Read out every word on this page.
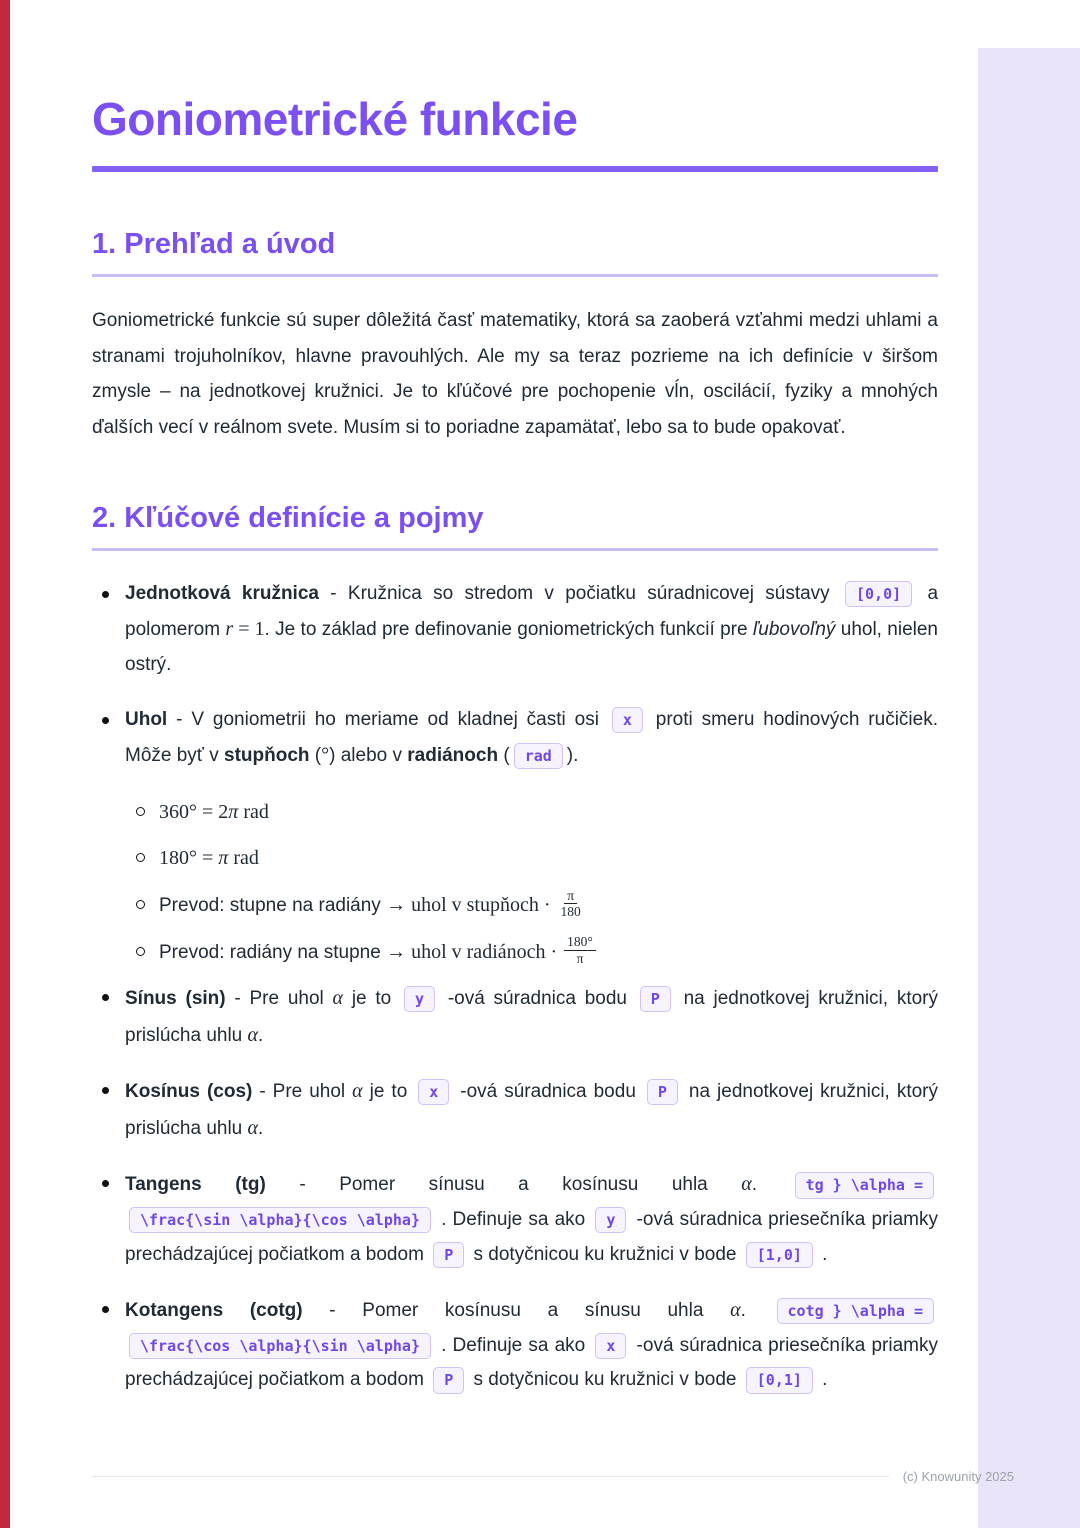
Goniometrické funkcie
1. Prehľad a úvod

Goniometrické funkcie sú super dôležitá časť matematiky, ktorá sa zaoberá vzťahmi medzi uhlami a stranami trojuholníkov, hlavne pravouhlých. Ale my sa teraz pozrieme na ich definície v širšom zmysle – na jednotkovej kružnici. Je to kľúčové pre pochopenie vĺn, oscilácií, fyziky a mnohých ďalších vecí v reálnom svete. Musím si to poriadne zapamätať, lebo sa to bude opakovať.

2. Kľúčové definície a pojmy
Jednotková kružnica - Kružnica so stredom v počiatku súradnicovej sústavy [0,0] a polomerom r = 1. Je to základ pre definovanie goniometrických funkcií pre ľubovoľný uhol, nielen ostrý.
Uhol - V goniometrii ho meriame od kladnej časti osi x proti smeru hodinových ručičiek. Môže byť v stupňoch (°) alebo v radiánoch ( rad ).
360° = 2π rad
180° = π rad
Prevod: stupne na radiány → uhol v stupňoch · $\frac{\pi}{180}$
Prevod: radiány na stupne → uhol v radiánoch · $\frac{180^\circ}{\pi}$
Sínus (sin) - Pre uhol α je to y -ová súradnica bodu P na jednotkovej kružnici, ktorý prislúcha uhlu α.
Kosínus (cos) - Pre uhol α je to x -ová súradnica bodu P na jednotkovej kružnici, ktorý prislúcha uhlu α.
Tangens (tg) - Pomer sínusu a kosínusu uhla α. tg } \alpha =\frac{\sin \alpha}{\cos \alpha} . Definuje sa ako y -ová súradnica priesečníka priamky prechádzajúcej počiatkom a bodom P s dotyčnicou ku kružnici v bode [1,0] .
Kotangens (cotg) - Pomer kosínusu a sínusu uhla α. cotg } \alpha =\frac{\cos \alpha}{\sin \alpha} . Definuje sa ako x -ová súradnica priesečníka priamky prechádzajúcej počiatkom a bodom P s dotyčnicou ku kružnici v bode [0,1] .
(c) Knowunity 2025
